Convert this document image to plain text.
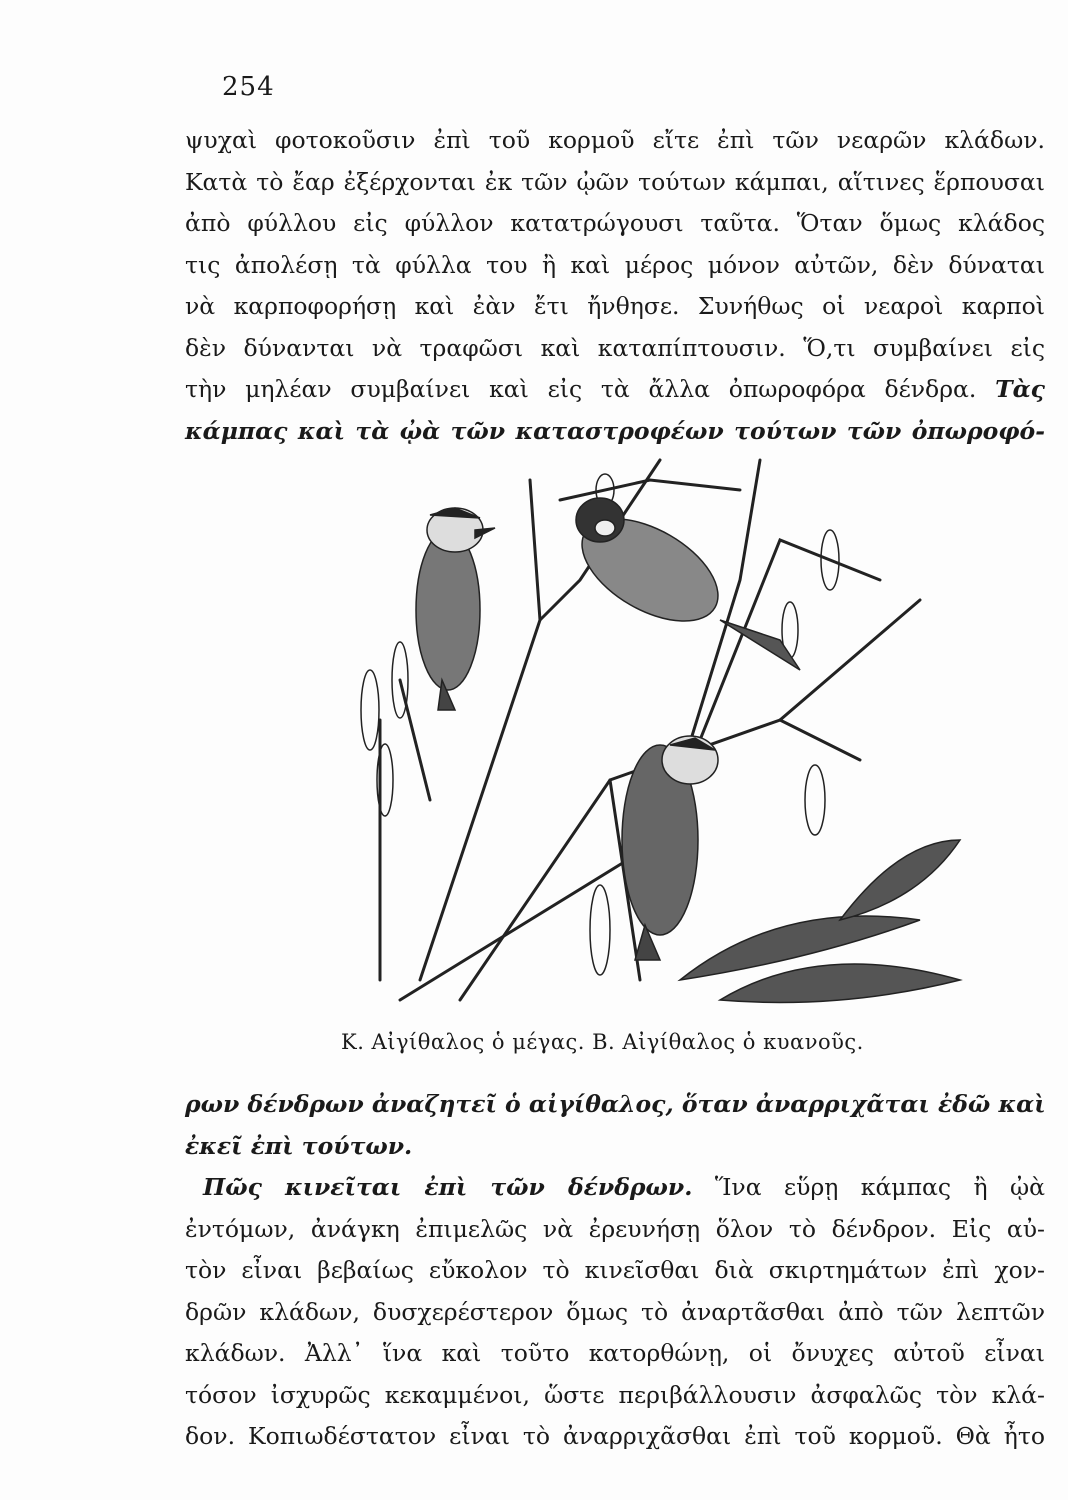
254
ψυχαὶ φοτοκοῦσιν ἐπὶ τοῦ κορμοῦ εἴτε ἐπὶ τῶν νεαρῶν κλάδων.
Κατὰ τὸ ἔαρ ἐξέρχονται ἐκ τῶν ᾠῶν τούτων κάμπαι, αἵτινες ἕρπουσαι
ἀπὸ φύλλου εἰς φύλλον κατατρώγουσι ταῦτα. Ὅταν ὅμως κλάδος
τις ἀπολέσῃ τὰ φύλλα του ἢ καὶ μέρος μόνον αὐτῶν, δὲν δύναται
νὰ καρποφορήσῃ καὶ ἐὰν ἔτι ἤνθησε. Συνήθως οἱ νεαροὶ καρποὶ
δὲν δύνανται νὰ τραφῶσι καὶ καταπίπτουσιν. Ὅ,τι συμβαίνει εἰς
τὴν μηλέαν συμβαίνει καὶ εἰς τὰ ἄλλα ὀπωροφόρα δένδρα. Τὰς
κάμπας καὶ τὰ ᾠὰ τῶν καταστροφέων τούτων τῶν ὀπωροφό-
Κ. Αἰγίθαλος ὁ μέγας. Β. Αἰγίθαλος ὁ κυανοῦς.
ρων δένδρων ἀναζητεῖ ὁ αἰγίθαλος, ὅταν ἀναρριχᾶται ἐδῶ καὶ
ἐκεῖ ἐπὶ τούτων.
Πῶς κινεῖται ἐπὶ τῶν δένδρων. Ἵνα εὕρῃ κάμπας ἢ ᾠὰ
ἐντόμων, ἀνάγκη ἐπιμελῶς νὰ ἐρευνήσῃ ὅλον τὸ δένδρον. Εἰς αὐ-
τὸν εἶναι βεβαίως εὔκολον τὸ κινεῖσθαι διὰ σκιρτημάτων ἐπὶ χον-
δρῶν κλάδων, δυσχερέστερον ὅμως τὸ ἀναρτᾶσθαι ἀπὸ τῶν λεπτῶν
κλάδων. Ἀλλ᾽ ἵνα καὶ τοῦτο κατορθώνῃ, οἱ ὄνυχες αὐτοῦ εἶναι
τόσον ἰσχυρῶς κεκαμμένοι, ὥστε περιβάλλουσιν ἀσφαλῶς τὸν κλά-
δον. Κοπιωδέστατον εἶναι τὸ ἀναρριχᾶσθαι ἐπὶ τοῦ κορμοῦ. Θὰ ἦτο
